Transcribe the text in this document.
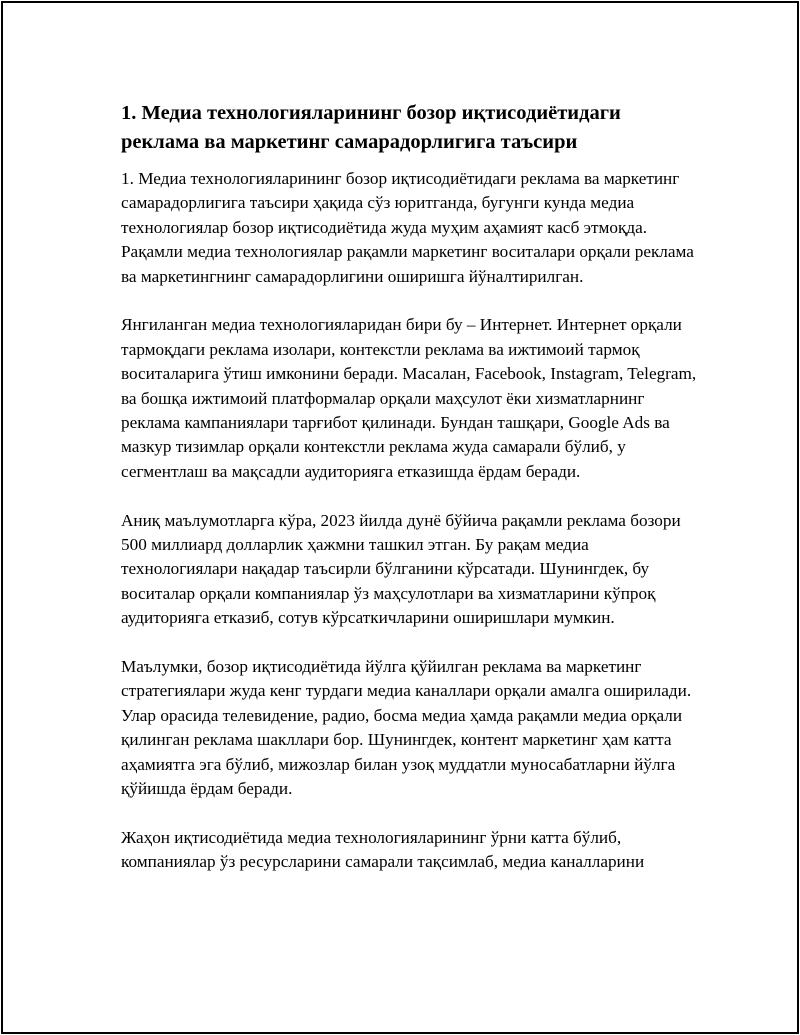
1. Медиа технологияларининг бозор иқтисодиётидаги реклама ва маркетинг самарадорлигига таъсири

1. Медиа технологияларининг бозор иқтисодиётидаги реклама ва маркетинг самарадорлигига таъсири ҳақида сўз юритганда, бугунги кунда медиа технологиялар бозор иқтисодиётида жуда муҳим аҳамият касб этмоқда. Рақамли медиа технологиялар рақамли маркетинг воситалари орқали реклама ва маркетингнинг самарадорлигини оширишга йўналтирилган.

Янгиланган медиа технологияларидан бири бу – Интернет. Интернет орқали тармоқдаги реклама изолари, контекстли реклама ва ижтимоий тармоқ воситаларига ўтиш имконини беради. Масалан, Facebook, Instagram, Telegram, ва бошқа ижтимоий платформалар орқали маҳсулот ёки хизматларнинг реклама кампаниялари тарғибот қилинади. Бундан ташқари, Google Ads ва мазкур тизимлар орқали контекстли реклама жуда самарали бўлиб, у сегментлаш ва мақсадли аудиторияга етказишда ёрдам беради.

Аниқ маълумотларга кўра, 2023 йилда дунё бўйича рақамли реклама бозори 500 миллиард долларлик ҳажмни ташкил этган. Бу рақам медиа технологиялари нақадар таъсирли бўлганини кўрсатади. Шунингдек, бу воситалар орқали компаниялар ўз маҳсулотлари ва хизматларини кўпроқ аудиторияга етказиб, сотув кўрсаткичларини оширишлари мумкин.

Маълумки, бозор иқтисодиётида йўлга қўйилган реклама ва маркетинг стратегиялари жуда кенг турдаги медиа каналлари орқали амалга оширилади. Улар орасида телевидение, радио, босма медиа ҳамда рақамли медиа орқали қилинган реклама шакллари бор. Шунингдек, контент маркетинг ҳам катта аҳамиятга эга бўлиб, мижозлар билан узоқ муддатли муносабатларни йўлга қўйишда ёрдам беради.

Жаҳон иқтисодиётида медиа технологияларининг ўрни катта бўлиб, компаниялар ўз ресурсларини самарали тақсимлаб, медиа каналларини
